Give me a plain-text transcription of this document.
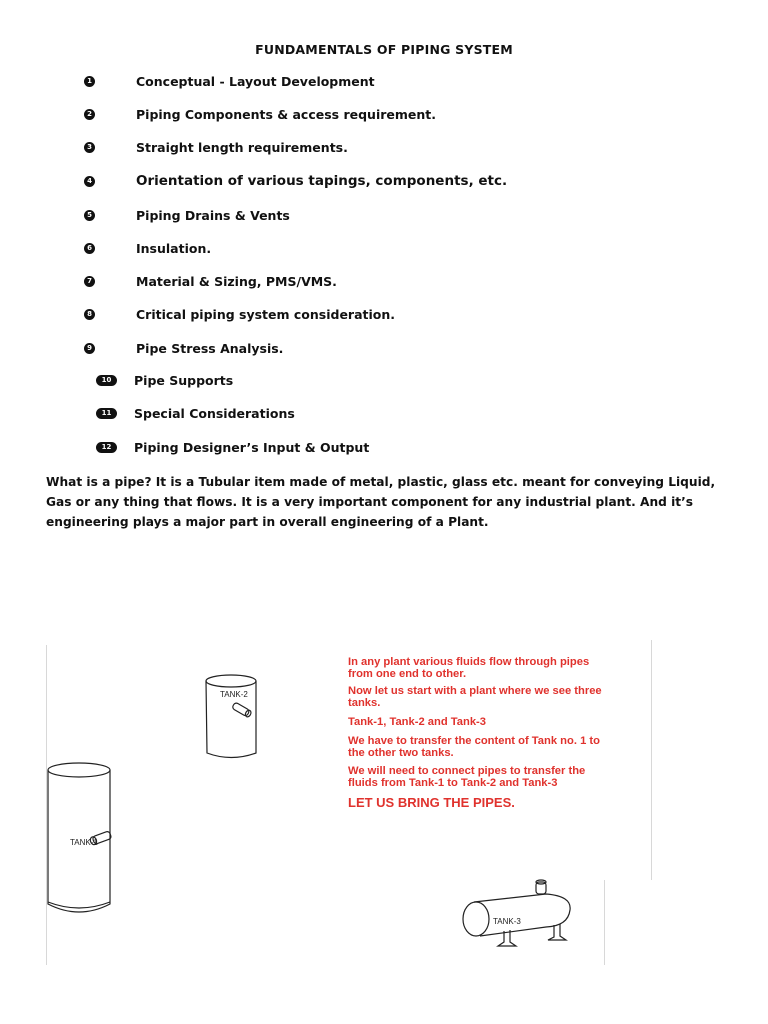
FUNDAMENTALS OF PIPING SYSTEM
1	Conceptual - Layout Development
2	Piping Components & access requirement.
3	Straight length requirements.
4	Orientation of various tapings, components, etc.
5	Piping Drains & Vents
6	Insulation.
7	Material & Sizing, PMS/VMS.
8	Critical piping system consideration.
9	Pipe Stress Analysis.
10	Pipe Supports
11	Special Considerations
12	Piping Designer’s Input & Output
What is a pipe? It is a Tubular item made of metal, plastic, glass etc. meant for conveying Liquid, Gas or any thing that flows. It is a very important component for any industrial plant. And it’s engineering plays a major part in overall engineering of a Plant.
TANK-2
TANK-1
TANK-3
In any plant various fluids flow through pipes
from one end to other.
Now let us start with a plant where we see three
tanks.
Tank-1, Tank-2 and Tank-3
We have to transfer the content of Tank no. 1 to
the other two tanks.
We will need to connect pipes to transfer the
fluids from Tank-1 to Tank-2 and Tank-3
LET US BRING THE PIPES.
